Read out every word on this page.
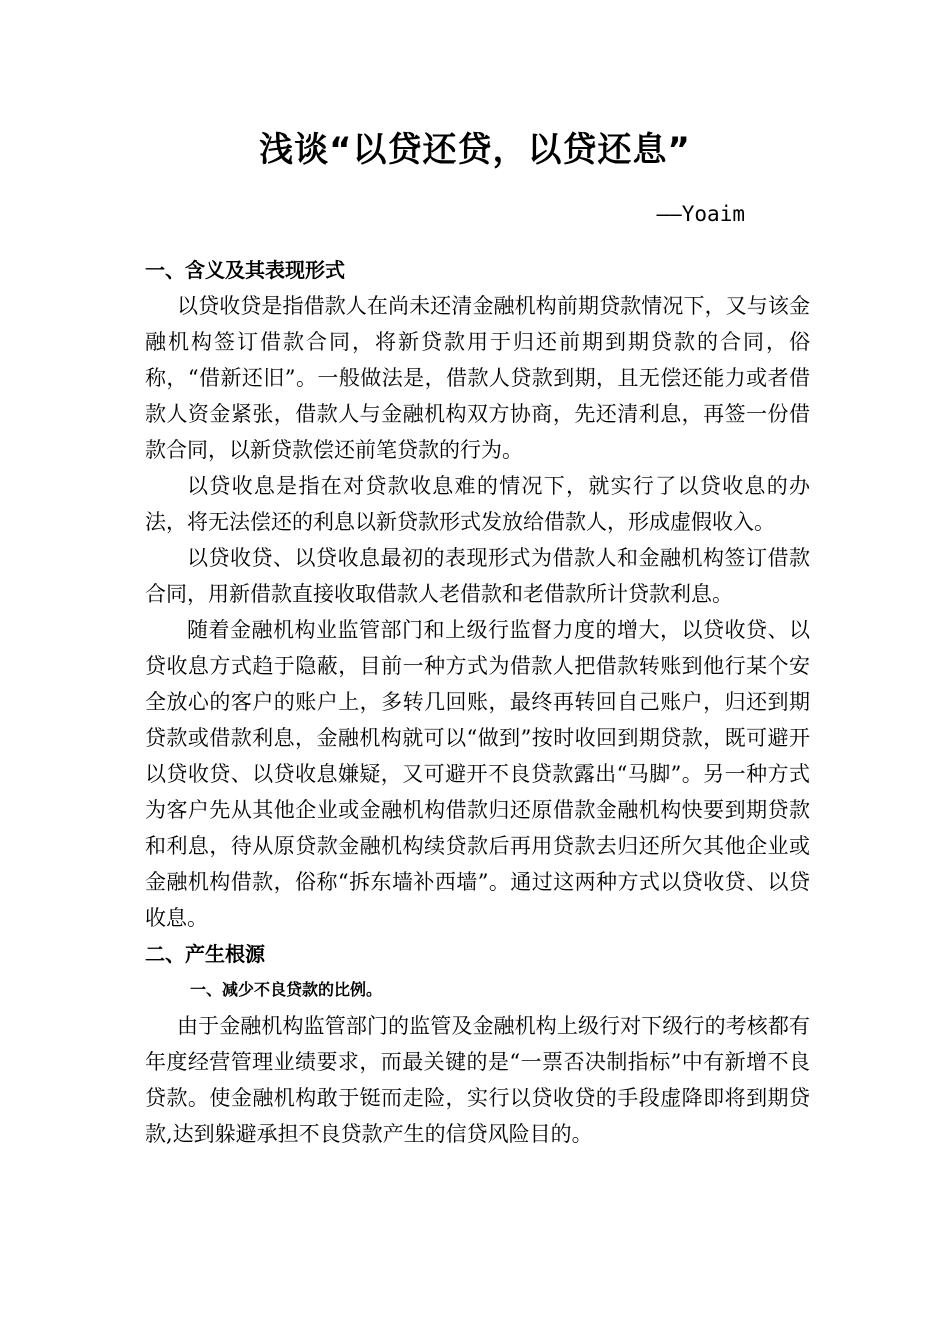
浅谈“以贷还贷，以贷还息”
——Yoaim
一、含义及其表现形式

以贷收贷是指借款人在尚未还清金融机构前期贷款情况下，又与该金融机构签订借款合同，将新贷款用于归还前期到期贷款的合同，俗称，“借新还旧”。一般做法是，借款人贷款到期，且无偿还能力或者借款人资金紧张，借款人与金融机构双方协商，先还清利息，再签一份借款合同，以新贷款偿还前笔贷款的行为。

以贷收息是指在对贷款收息难的情况下，就实行了以贷收息的办法，将无法偿还的利息以新贷款形式发放给借款人，形成虚假收入。

以贷收贷、以贷收息最初的表现形式为借款人和金融机构签订借款合同，用新借款直接收取借款人老借款和老借款所计贷款利息。

随着金融机构业监管部门和上级行监督力度的增大，以贷收贷、以贷收息方式趋于隐蔽，目前一种方式为借款人把借款转账到他行某个安全放心的客户的账户上，多转几回账，最终再转回自己账户，归还到期贷款或借款利息，金融机构就可以“做到”按时收回到期贷款，既可避开以贷收贷、以贷收息嫌疑，又可避开不良贷款露出“马脚”。另一种方式为客户先从其他企业或金融机构借款归还原借款金融机构快要到期贷款和利息，待从原贷款金融机构续贷款后再用贷款去归还所欠其他企业或金融机构借款，俗称“拆东墙补西墙”。通过这两种方式以贷收贷、以贷收息。

二、产生根源
一、减少不良贷款的比例。

由于金融机构监管部门的监管及金融机构上级行对下级行的考核都有年度经营管理业绩要求，而最关键的是“一票否决制指标”中有新增不良贷款。使金融机构敢于铤而走险，实行以贷收贷的手段虚降即将到期贷款,达到躲避承担不良贷款产生的信贷风险目的。
